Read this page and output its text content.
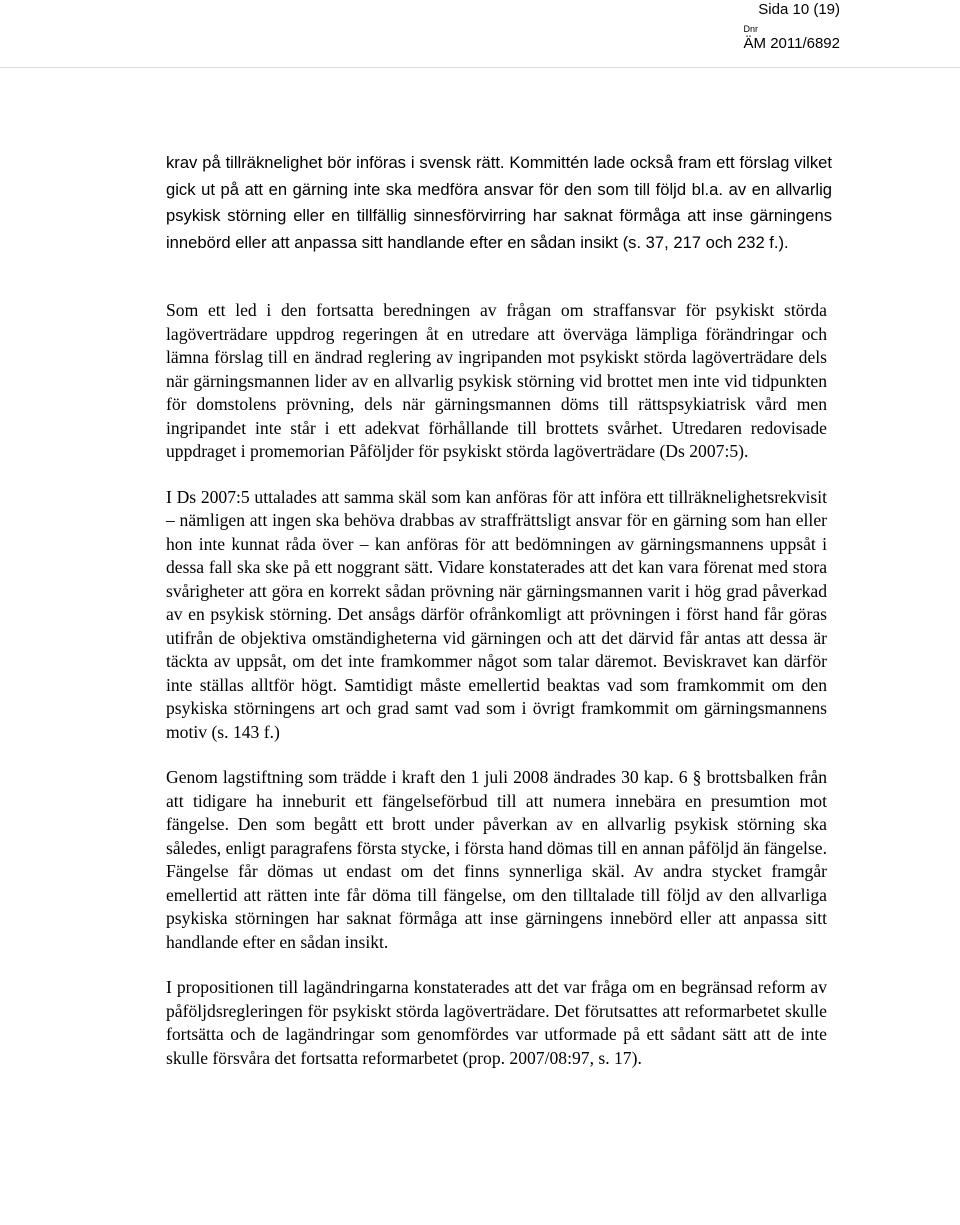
Sida 10 (19)
Dnr
ÄM 2011/6892

krav på tillräknelighet bör införas i svensk rätt. Kommittén lade också fram ett förslag vilket gick ut på att en gärning inte ska medföra ansvar för den som till följd bl.a. av en allvarlig psykisk störning eller en tillfällig sinnesförvirring har saknat förmåga att inse gärningens innebörd eller att anpassa sitt handlande efter en sådan insikt (s. 37, 217 och 232 f.).

Som ett led i den fortsatta beredningen av frågan om straffansvar för psykiskt störda lagöverträdare uppdrog regeringen åt en utredare att överväga lämpliga förändringar och lämna förslag till en ändrad reglering av ingripanden mot psykiskt störda lagöverträdare dels när gärningsmannen lider av en allvarlig psykisk störning vid brottet men inte vid tidpunkten för domstolens prövning, dels när gärningsmannen döms till rättspsykiatrisk vård men ingripandet inte står i ett adekvat förhållande till brottets svårhet. Utredaren redovisade uppdraget i promemorian Påföljder för psykiskt störda lagöverträdare (Ds 2007:5).

I Ds 2007:5 uttalades att samma skäl som kan anföras för att införa ett tillräknelighetsrekvisit – nämligen att ingen ska behöva drabbas av straffrättsligt ansvar för en gärning som han eller hon inte kunnat råda över – kan anföras för att bedömningen av gärningsmannens uppsåt i dessa fall ska ske på ett noggrant sätt. Vidare konstaterades att det kan vara förenat med stora svårigheter att göra en korrekt sådan prövning när gärningsmannen varit i hög grad påverkad av en psykisk störning. Det ansågs därför ofrånkomligt att prövningen i först hand får göras utifrån de objektiva omständigheterna vid gärningen och att det därvid får antas att dessa är täckta av uppsåt, om det inte framkommer något som talar däremot. Beviskravet kan därför inte ställas alltför högt. Samtidigt måste emellertid beaktas vad som framkommit om den psykiska störningens art och grad samt vad som i övrigt framkommit om gärningsmannens motiv (s. 143 f.)

Genom lagstiftning som trädde i kraft den 1 juli 2008 ändrades 30 kap. 6 § brottsbalken från att tidigare ha inneburit ett fängelseförbud till att numera innebära en presumtion mot fängelse. Den som begått ett brott under påverkan av en allvarlig psykisk störning ska således, enligt paragrafens första stycke, i första hand dömas till en annan påföljd än fängelse. Fängelse får dömas ut endast om det finns synnerliga skäl. Av andra stycket framgår emellertid att rätten inte får döma till fängelse, om den tilltalade till följd av den allvarliga psykiska störningen har saknat förmåga att inse gärningens innebörd eller att anpassa sitt handlande efter en sådan insikt.

I propositionen till lagändringarna konstaterades att det var fråga om en begränsad reform av påföljdsregleringen för psykiskt störda lagöverträdare. Det förutsattes att reformarbetet skulle fortsätta och de lagändringar som genomfördes var utformade på ett sådant sätt att de inte skulle försvåra det fortsatta reformarbetet (prop. 2007/08:97, s. 17).
